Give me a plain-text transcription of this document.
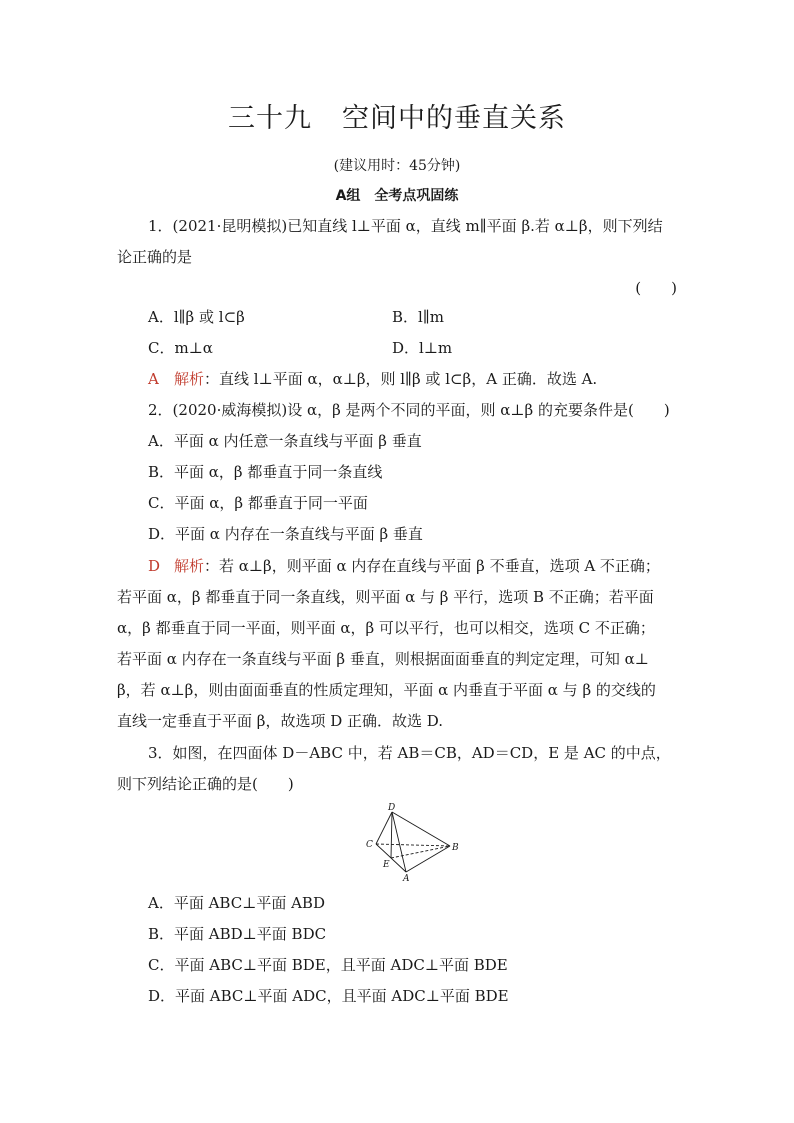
三十九 空间中的垂直关系
(建议用时：45分钟)
A组　全考点巩固练
1．(2021·昆明模拟)已知直线 l⊥平面 α，直线 m∥平面 β.若 α⊥β，则下列结
论正确的是
(　　)
A．l∥β 或 l⊂β	B．l∥m
C．m⊥α	D．l⊥m
A 解析：直线 l⊥平面 α，α⊥β，则 l∥β 或 l⊂β，A 正确．故选 A.
2．(2020·威海模拟)设 α，β 是两个不同的平面，则 α⊥β 的充要条件是(　　)
A．平面 α 内任意一条直线与平面 β 垂直
B．平面 α，β 都垂直于同一条直线
C．平面 α，β 都垂直于同一平面
D．平面 α 内存在一条直线与平面 β 垂直
D 解析：若 α⊥β，则平面 α 内存在直线与平面 β 不垂直，选项 A 不正确；
若平面 α，β 都垂直于同一条直线，则平面 α 与 β 平行，选项 B 不正确；若平面
α，β 都垂直于同一平面，则平面 α，β 可以平行，也可以相交，选项 C 不正确；
若平面 α 内存在一条直线与平面 β 垂直，则根据面面垂直的判定定理，可知 α⊥
β，若 α⊥β，则由面面垂直的性质定理知，平面 α 内垂直于平面 α 与 β 的交线的
直线一定垂直于平面 β，故选项 D 正确．故选 D.
3．如图，在四面体 D－ABC 中，若 AB＝CB，AD＝CD，E 是 AC 的中点，
则下列结论正确的是(　　)
D
C	B
E
A
A．平面 ABC⊥平面 ABD
B．平面 ABD⊥平面 BDC
C．平面 ABC⊥平面 BDE，且平面 ADC⊥平面 BDE
D．平面 ABC⊥平面 ADC，且平面 ADC⊥平面 BDE
